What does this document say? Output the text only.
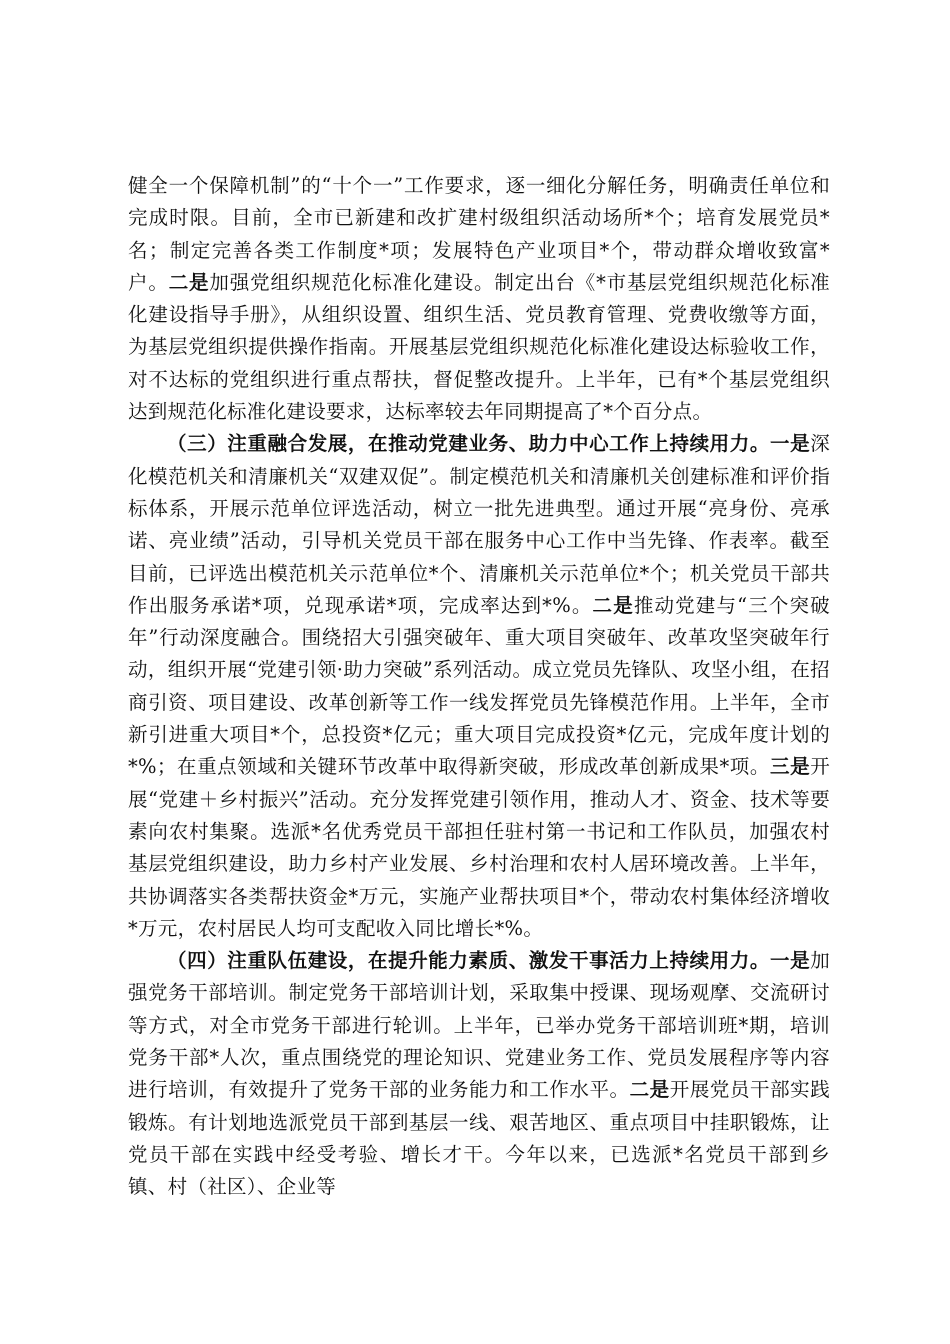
健全一个保障机制”的“十个一”工作要求，逐一细化分解任务，明确责任单位和完成时限。目前，全市已新建和改扩建村级组织活动场所*个；培育发展党员*名；制定完善各类工作制度*项；发展特色产业项目*个，带动群众增收致富*户。二是加强党组织规范化标准化建设。制定出台《*市基层党组织规范化标准化建设指导手册》，从组织设置、组织生活、党员教育管理、党费收缴等方面，为基层党组织提供操作指南。开展基层党组织规范化标准化建设达标验收工作，对不达标的党组织进行重点帮扶，督促整改提升。上半年，已有*个基层党组织达到规范化标准化建设要求，达标率较去年同期提高了*个百分点。

（三）注重融合发展，在推动党建业务、助力中心工作上持续用力。一是深化模范机关和清廉机关“双建双促”。制定模范机关和清廉机关创建标准和评价指标体系，开展示范单位评选活动，树立一批先进典型。通过开展“亮身份、亮承诺、亮业绩”活动，引导机关党员干部在服务中心工作中当先锋、作表率。截至目前，已评选出模范机关示范单位*个、清廉机关示范单位*个；机关党员干部共作出服务承诺*项，兑现承诺*项，完成率达到*%。二是推动党建与“三个突破年”行动深度融合。围绕招大引强突破年、重大项目突破年、改革攻坚突破年行动，组织开展“党建引领·助力突破”系列活动。成立党员先锋队、攻坚小组，在招商引资、项目建设、改革创新等工作一线发挥党员先锋模范作用。上半年，全市新引进重大项目*个，总投资*亿元；重大项目完成投资*亿元，完成年度计划的*%；在重点领域和关键环节改革中取得新突破，形成改革创新成果*项。三是开展“党建＋乡村振兴”活动。充分发挥党建引领作用，推动人才、资金、技术等要素向农村集聚。选派*名优秀党员干部担任驻村第一书记和工作队员，加强农村基层党组织建设，助力乡村产业发展、乡村治理和农村人居环境改善。上半年，共协调落实各类帮扶资金*万元，实施产业帮扶项目*个，带动农村集体经济增收*万元，农村居民人均可支配收入同比增长*%。

（四）注重队伍建设，在提升能力素质、激发干事活力上持续用力。一是加强党务干部培训。制定党务干部培训计划，采取集中授课、现场观摩、交流研讨等方式，对全市党务干部进行轮训。上半年，已举办党务干部培训班*期，培训党务干部*人次，重点围绕党的理论知识、党建业务工作、党员发展程序等内容进行培训，有效提升了党务干部的业务能力和工作水平。二是开展党员干部实践锻炼。有计划地选派党员干部到基层一线、艰苦地区、重点项目中挂职锻炼，让党员干部在实践中经受考验、增长才干。今年以来，已选派*名党员干部到乡镇、村（社区）、企业等
